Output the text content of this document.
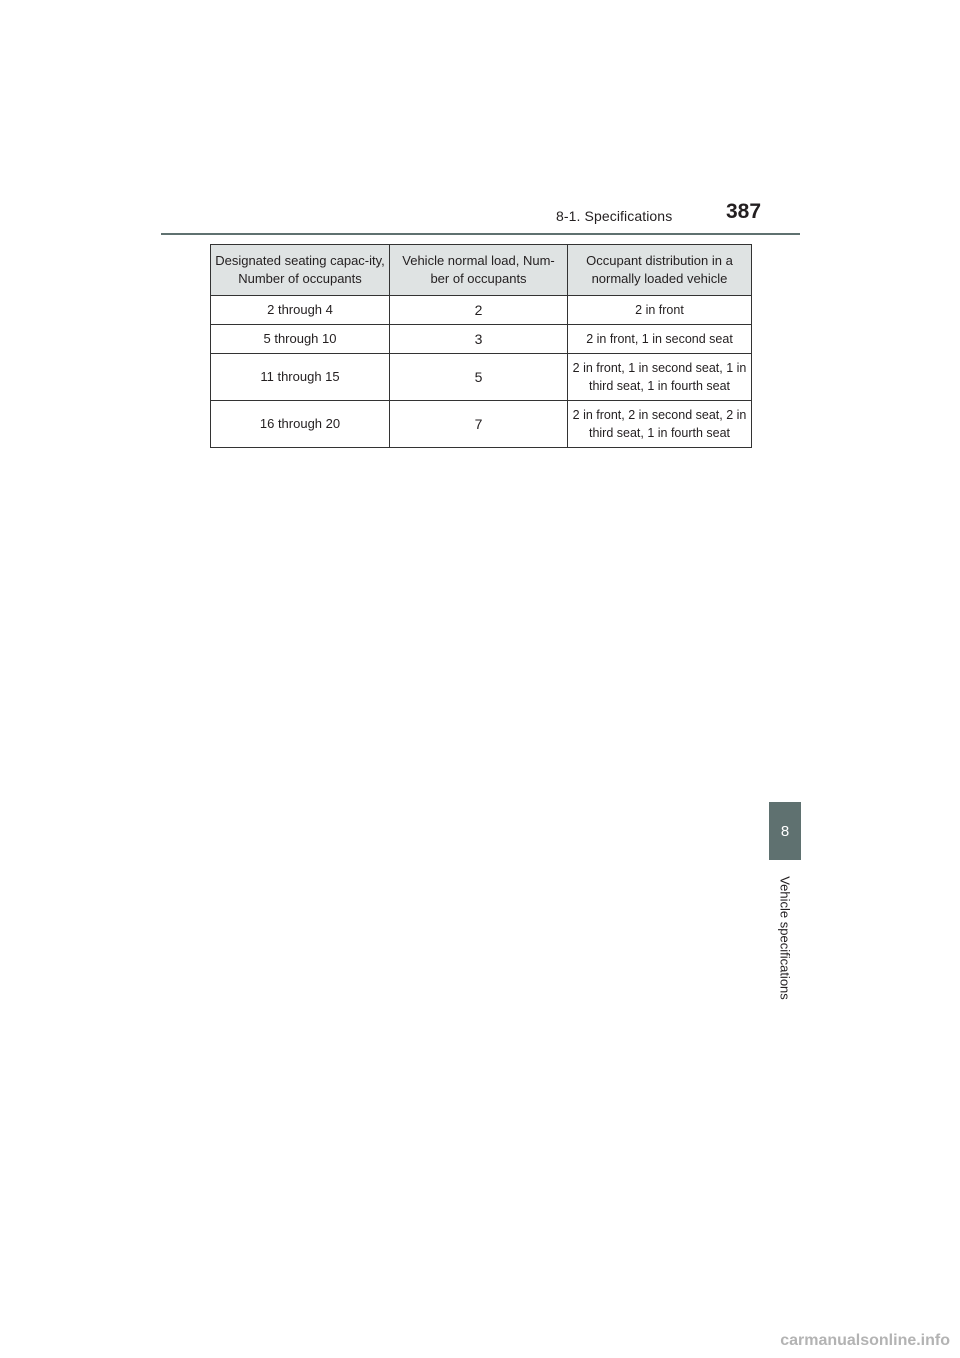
8-1. Specifications	387
Designated seating capac-ity, Number of occupants	Vehicle normal load, Num-ber of occupants	Occupant distribution in a normally loaded vehicle
2 through 4	2	2 in front
5 through 10	3	2 in front, 1 in second seat
11 through 15	5	2 in front, 1 in second seat, 1 in third seat, 1 in fourth seat
16 through 20	7	2 in front, 2 in second seat, 2 in third seat, 1 in fourth seat
8
Vehicle specifications
carmanualsonline.info
